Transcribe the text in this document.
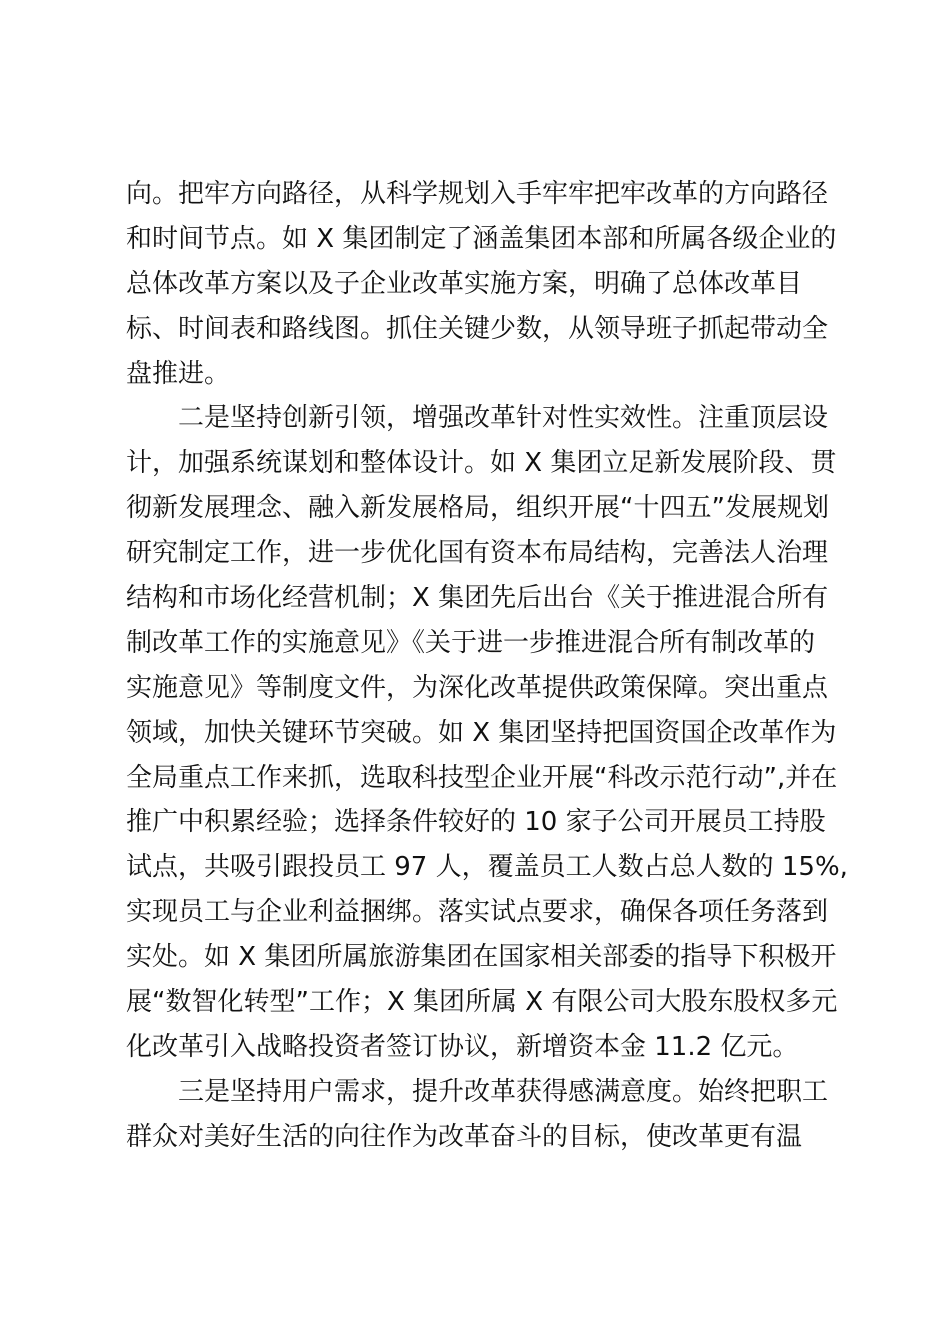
向。把牢方向路径，从科学规划入手牢牢把牢改革的方向路径
和时间节点。如 X 集团制定了涵盖集团本部和所属各级企业的
总体改革方案以及子企业改革实施方案，明确了总体改革目
标、时间表和路线图。抓住关键少数，从领导班子抓起带动全
盘推进。
二是坚持创新引领，增强改革针对性实效性。注重顶层设
计，加强系统谋划和整体设计。如 X 集团立足新发展阶段、贯
彻新发展理念、融入新发展格局，组织开展“十四五”发展规划
研究制定工作，进一步优化国有资本布局结构，完善法人治理
结构和市场化经营机制；X 集团先后出台《关于推进混合所有
制改革工作的实施意见》《关于进一步推进混合所有制改革的
实施意见》等制度文件，为深化改革提供政策保障。突出重点
领域，加快关键环节突破。如 X 集团坚持把国资国企改革作为
全局重点工作来抓，选取科技型企业开展“科改示范行动”,并在
推广中积累经验；选择条件较好的 10 家子公司开展员工持股
试点，共吸引跟投员工 97 人，覆盖员工人数占总人数的 15%,
实现员工与企业利益捆绑。落实试点要求，确保各项任务落到
实处。如 X 集团所属旅游集团在国家相关部委的指导下积极开
展“数智化转型”工作；X 集团所属 X 有限公司大股东股权多元
化改革引入战略投资者签订协议，新增资本金 11.2 亿元。
三是坚持用户需求，提升改革获得感满意度。始终把职工
群众对美好生活的向往作为改革奋斗的目标，使改革更有温
